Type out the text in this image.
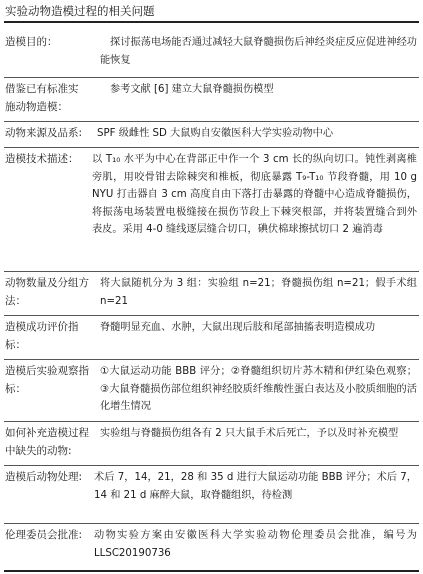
实验动物造模过程的相关问题
造模目的：	探讨振荡电场能否通过减轻大鼠脊髓损伤后神经炎症反应促进神经功能恢复
借鉴已有标准实施动物造模：
参考文献 [6] 建立大鼠脊髓损伤模型
动物来源及品系:	SPF 级雌性 SD 大鼠购自安徽医科大学实验动物中心
造模技术描述：	以 T₁₀ 水平为中心在背部正中作一个 3 cm 长的纵向切口。钝性剥离椎旁肌，用咬骨钳去除棘突和椎板，彻底暴露 T₉-T₁₀ 节段脊髓，用 10 g NYU 打击器自 3 cm 高度自由下落打击暴露的脊髓中心造成脊髓损伤，将振荡电场装置电极缝接在损伤节段上下棘突根部，并将装置缝合到外表皮。采用 4-0 缝线逐层缝合切口，碘伏棉球擦拭切口 2 遍消毒
动物数量及分组方法：
将大鼠随机分为 3 组：实验组 n=21；脊髓损伤组 n=21；假手术组 n=21
造模成功评价指标：
脊髓明显充血、水肿，大鼠出现后肢和尾部抽搐表明造模成功
造模后实验观察指标：
①大鼠运动功能 BBB 评分；②脊髓组织切片苏木精和伊红染色观察；③大鼠脊髓损伤部位组织神经胶质纤维酸性蛋白表达及小胶质细胞的活化增生情况
如何补充造模过程中缺失的动物:
实验组与脊髓损伤组各有 2 只大鼠手术后死亡，予以及时补充模型
造模后动物处理:	术后 7，14，21，28 和 35 d 进行大鼠运动功能 BBB 评分；术后 7，14 和 21 d 麻醉大鼠，取脊髓组织，待检测
伦理委员会批准:	动物实验方案由安徽医科大学实验动物伦理委员会批准，编号为 LLSC20190736
